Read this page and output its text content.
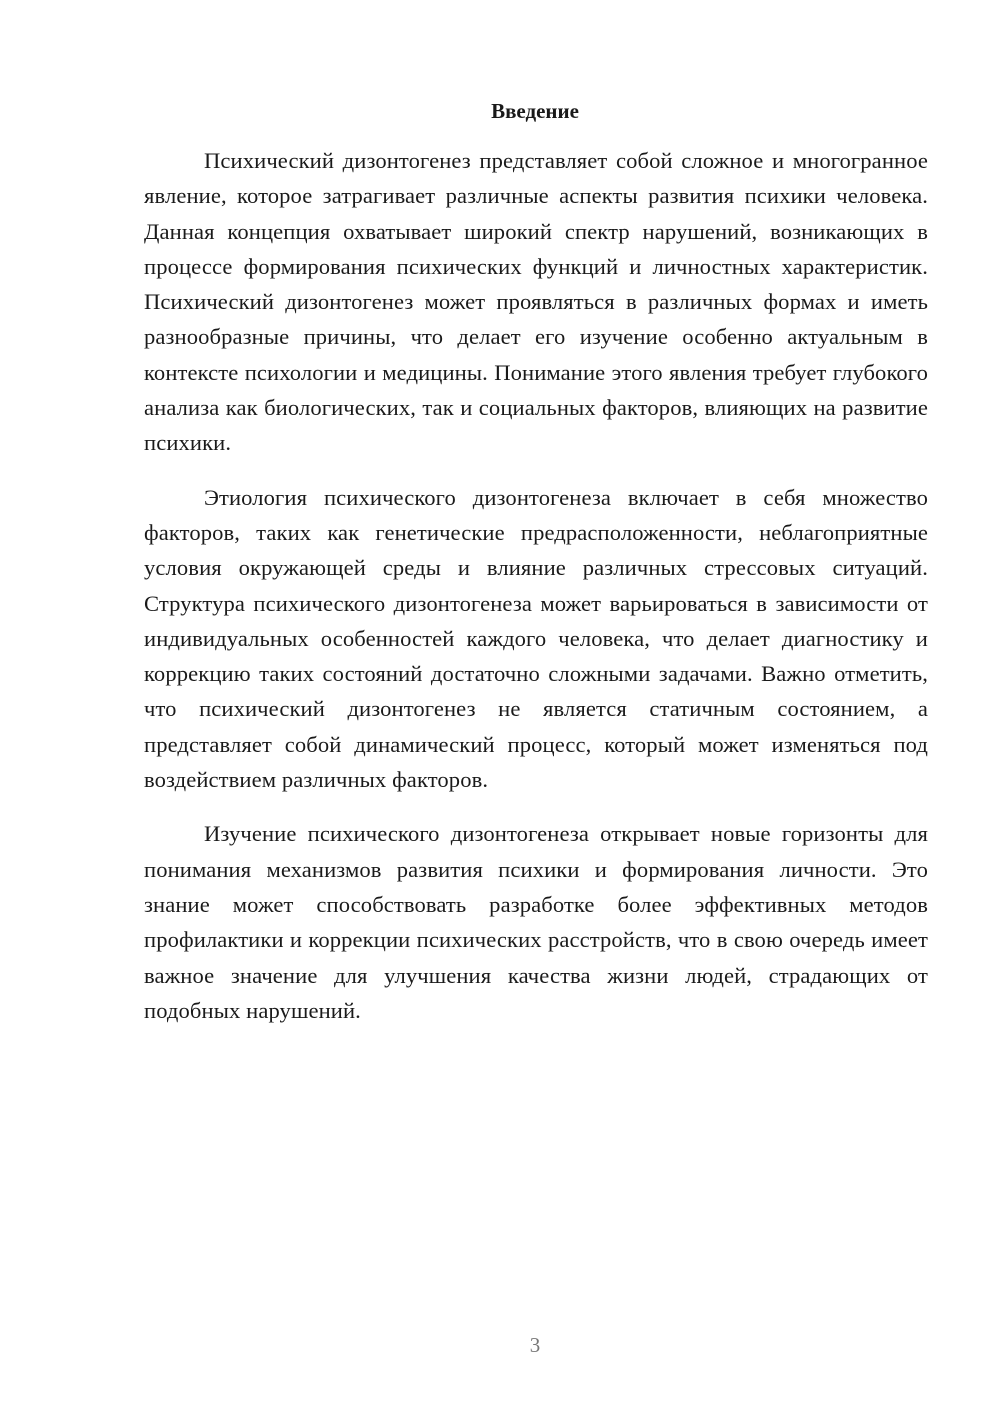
Введение

Психический дизонтогенез представляет собой сложное и многогранное явление, которое затрагивает различные аспекты развития психики человека. Данная концепция охватывает широкий спектр нарушений, возникающих в процессе формирования психических функций и личностных характеристик. Психический дизонтогенез может проявляться в различных формах и иметь разнообразные причины, что делает его изучение особенно актуальным в контексте психологии и медицины. Понимание этого явления требует глубокого анализа как биологических, так и социальных факторов, влияющих на развитие психики.

Этиология психического дизонтогенеза включает в себя множество факторов, таких как генетические предрасположенности, неблагоприятные условия окружающей среды и влияние различных стрессовых ситуаций. Структура психического дизонтогенеза может варьироваться в зависимости от индивидуальных особенностей каждого человека, что делает диагностику и коррекцию таких состояний достаточно сложными задачами. Важно отметить, что психический дизонтогенез не является статичным состоянием, а представляет собой динамический процесс, который может изменяться под воздействием различных факторов.

Изучение психического дизонтогенеза открывает новые горизонты для понимания механизмов развития психики и формирования личности. Это знание может способствовать разработке более эффективных методов профилактики и коррекции психических расстройств, что в свою очередь имеет важное значение для улучшения качества жизни людей, страдающих от подобных нарушений.

3
